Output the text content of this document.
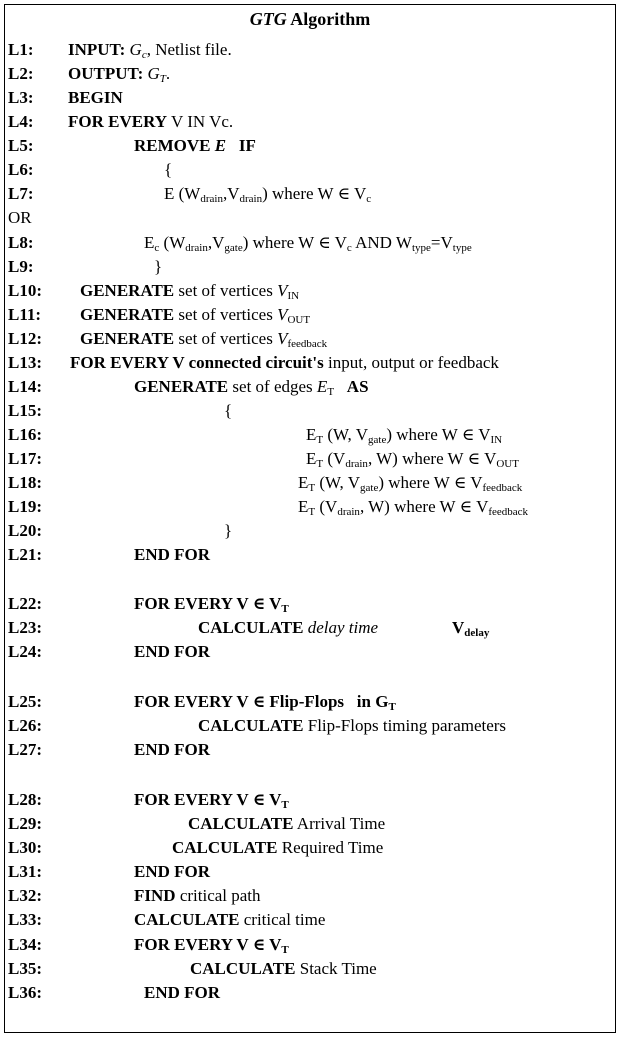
GTG Algorithm
L1: INPUT: $G_c$, Netlist file.
L2: OUTPUT: $G_T$.
L3: BEGIN
L4: FOR EVERY V IN Vc.
L5:	REMOVE E IF
L6:	{
L7:	E $(W_{drain},V_{drain})$ where W ∈ $V_c$
OR
L8:	$E_c$ $(W_{drain},V_{gate})$ where W ∈ $V_c$ AND $W_{type}=V_{type}$
L9:	}
L10: GENERATE set of vertices $V_{IN}$
L11: GENERATE set of vertices $V_{OUT}$
L12: GENERATE set of vertices $V_{feedback}$
L13: FOR EVERY V connected circuit's input, output or feedback
L14:	GENERATE set of edges $E_T$ AS
L15:	{
L16:	$E_T$ (W, $V_{gate}$) where W ∈ $V_{IN}$
L17:	$E_T$ ($V_{drain}$, W) where W ∈ $V_{OUT}$
L18:	$E_T$ (W, $V_{gate}$) where W ∈ $V_{feedback}$
L19:	$E_T$ ($V_{drain}$, W) where W ∈ $V_{feedback}$
L20:	}
L21:	END FOR
L22:	FOR EVERY V ∈ $V_T$
L23:	CALCULATE delay time	$V_{delay}$
L24:	END FOR
L25:	FOR EVERY V ∈ Flip-Flops in $G_T$
L26:	CALCULATE Flip-Flops timing parameters
L27:	END FOR
L28:	FOR EVERY V ∈ $V_T$
L29:	CALCULATE Arrival Time
L30:	CALCULATE Required Time
L31:	END FOR
L32:	FIND critical path
L33:	CALCULATE critical time
L34:	FOR EVERY V ∈ $V_T$
L35:	CALCULATE Stack Time
L36:	END FOR
